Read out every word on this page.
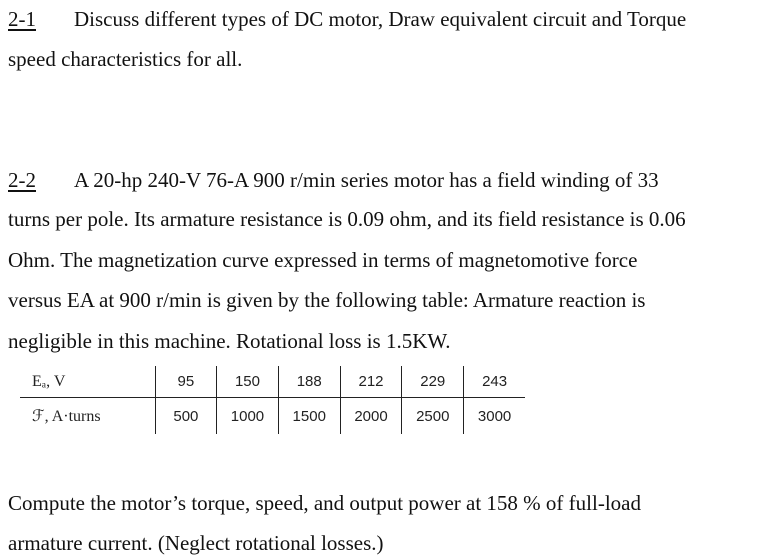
2-1 Discuss different types of DC motor, Draw equivalent circuit and Torque
speed characteristics for all.
2-2 A 20-hp 240-V 76-A 900 r/min series motor has a field winding of 33
turns per pole. Its armature resistance is 0.09 ohm, and its field resistance is 0.06
Ohm. The magnetization curve expressed in terms of magnetomotive force
versus EA at 900 r/min is given by the following table: Armature reaction is
negligible in this machine. Rotational loss is 1.5KW.
Eₐ, V	95	150	188	212	229	243
ℱ, A·turns	500	1000	1500	2000	2500	3000
Compute the motor’s torque, speed, and output power at 158 % of full-load
armature current. (Neglect rotational losses.)
